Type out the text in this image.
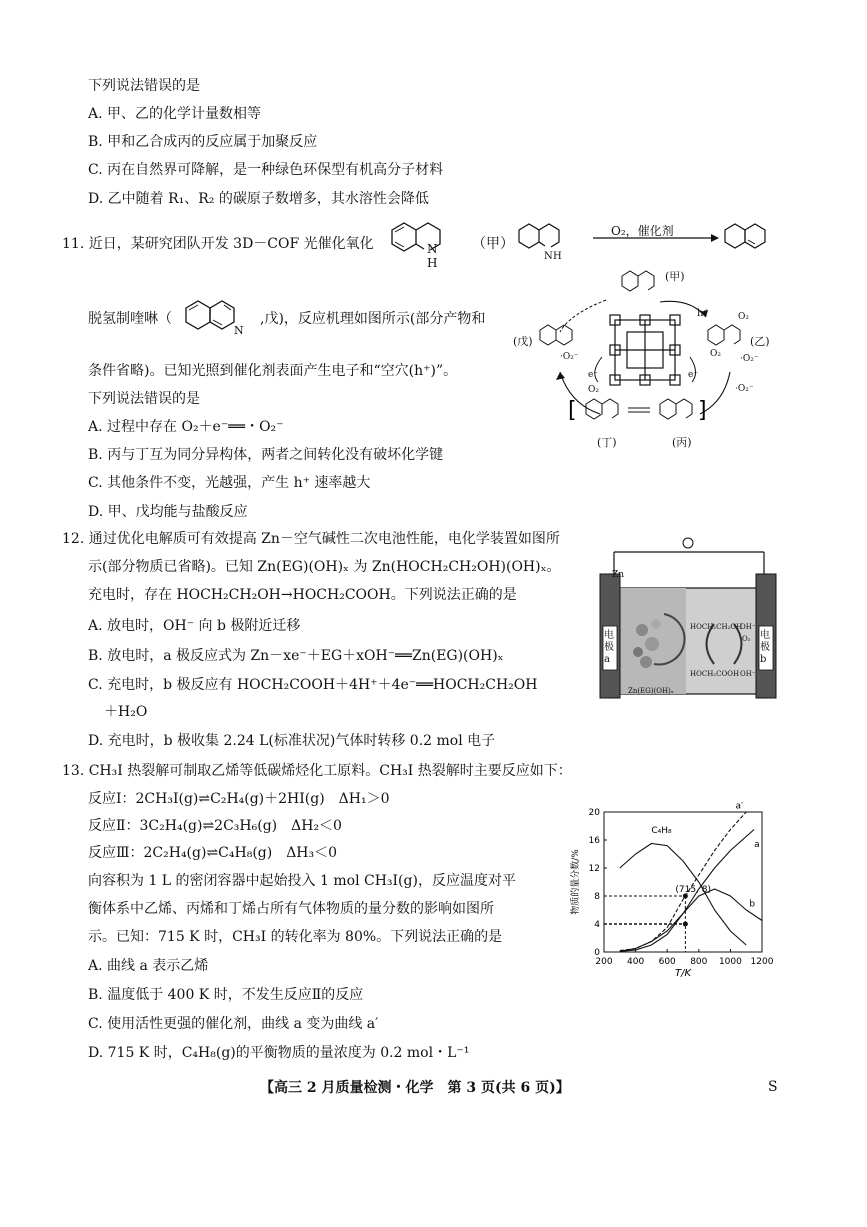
下列说法错误的是
A. 甲、乙的化学计量数相等
B. 甲和乙合成丙的反应属于加聚反应
C. 丙在自然界可降解，是一种绿色环保型有机高分子材料
D. 乙中随着 R₁、R₂ 的碳原子数增多，其水溶性会降低
11. 近日，某研究团队开发 3D－COF 光催化氧化	N
H
（甲）
N H
O₂，催化剂
脱氢制喹啉（
N
,戊)，反应机理如图所示(部分产物和
条件省略)。已知光照到催化剂表面产生电子和“空穴(h⁺)”。
下列说法错误的是
A. 过程中存在 O₂＋e⁻══・O₂⁻
B. 丙与丁互为同分异构体，两者之间转化没有破坏化学键
C. 其他条件不变，光越强，产生 h⁺ 速率越大
D. 甲、戊均能与盐酸反应
[	]
(甲)
h⁺
(乙)
(戊)
e⁻	e⁻
O₂
O₂
O₂
·O₂⁻
·O₂⁻
·O₂⁻
(丁)	(丙)
12. 通过优化电解质可有效提高 Zn－空气碱性二次电池性能，电化学装置如图所
示(部分物质已省略)。已知 Zn(EG)(OH)ₓ 为 Zn(HOCH₂CH₂OH)(OH)ₓ。
充电时，存在 HOCH₂CH₂OH→HOCH₂COOH。下列说法正确的是
A. 放电时，OH⁻ 向 b 极附近迁移
B. 放电时，a 极反应式为 Zn－xe⁻＋EG＋xOH⁻══Zn(EG)(OH)ₓ
C. 充电时，b 极反应有 HOCH₂COOH＋4H⁺＋4e⁻══HOCH₂CH₂OH
＋H₂O
D. 充电时，b 极收集 2.24 L(标准状况)气体时转移 0.2 mol 电子
Zn
电极a
电极b
HOCH₂CH₂OH
OH⁻
O₂
HOCH₂COOH OH⁻
Zn(EG)(OH)ₓ
13. CH₃I 热裂解可制取乙烯等低碳烯烃化工原料。CH₃I 热裂解时主要反应如下：
反应Ⅰ：2CH₃I(g)⇌C₂H₄(g)＋2HI(g)　ΔH₁＞0
反应Ⅱ：3C₂H₄(g)⇌2C₃H₆(g)　ΔH₂＜0
反应Ⅲ：2C₂H₄(g)⇌C₄H₈(g)　ΔH₃＜0
向容积为 1 L 的密闭容器中起始投入 1 mol CH₃I(g)，反应温度对平
衡体系中乙烯、丙烯和丁烯占所有气体物质的量分数的影响如图所
示。已知：715 K 时，CH₃I 的转化率为 80%。下列说法正确的是
A. 曲线 a 表示乙烯
B. 温度低于 400 K 时，不发生反应Ⅱ的反应
C. 使用活性更强的催化剂，曲线 a 变为曲线 a′
D. 715 K 时，C₄H₈(g)的平衡物质的量浓度为 0.2 mol・L⁻¹
200 400 600 800 1000 1200
0
4
8
12
16
20
T/K
物质的量分数/%	(715, 8)
C₄H₈
a
a′
b
【高三 2 月质量检测・化学　第 3 页(共 6 页)】	S
